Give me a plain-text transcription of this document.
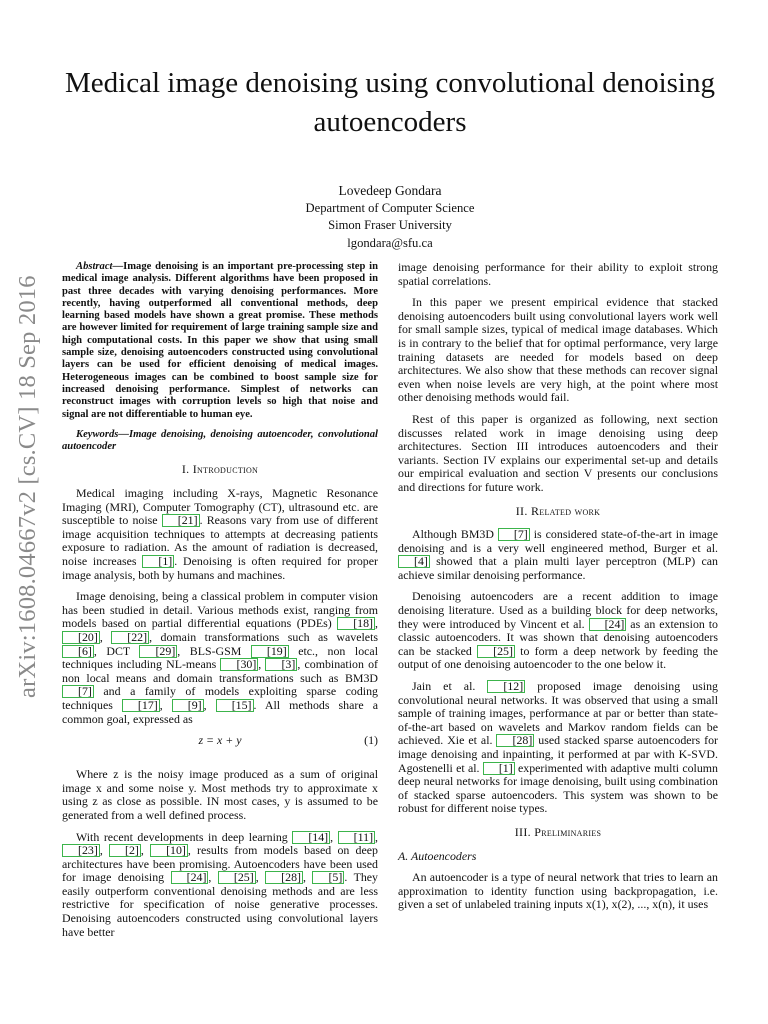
arXiv:1608.04667v2 [cs.CV] 18 Sep 2016
Medical image denoising using convolutional denoising autoencoders
Lovedeep Gondara
Department of Computer Science
Simon Fraser University
lgondara@sfu.ca

Abstract—Image denoising is an important pre-processing step in medical image analysis. Different algorithms have been proposed in past three decades with varying denoising performances. More recently, having outperformed all conventional methods, deep learning based models have shown a great promise. These methods are however limited for requirement of large training sample size and high computational costs. In this paper we show that using small sample size, denoising autoencoders constructed using convolutional layers can be used for efficient denoising of medical images. Heterogeneous images can be combined to boost sample size for increased denoising performance. Simplest of networks can reconstruct images with corruption levels so high that noise and signal are not differentiable to human eye.

Keywords—Image denoising, denoising autoencoder, convolutional autoencoder

I. Introduction

Medical imaging including X-rays, Magnetic Resonance Imaging (MRI), Computer Tomography (CT), ultrasound etc. are susceptible to noise [21] . Reasons vary from use of different image acquisition techniques to attempts at decreasing patients exposure to radiation. As the amount of radiation is decreased, noise increases [1] . Denoising is often required for proper image analysis, both by humans and machines.

Image denoising, being a classical problem in computer vision has been studied in detail. Various methods exist, ranging from models based on partial differential equations (PDEs) [18] , [20] , [22] , domain transformations such as wavelets [6] , DCT [29] , BLS-GSM [19] etc., non local techniques including NL-means [30] , [3] , combination of non local means and domain transformations such as BM3D [7] and a family of models exploiting sparse coding techniques [17] , [9] , [15] . All methods share a common goal, expressed as

z = x + y	(1)

Where z is the noisy image produced as a sum of original image x and some noise y. Most methods try to approximate x using z as close as possible. IN most cases, y is assumed to be generated from a well defined process.

With recent developments in deep learning [14] , [11] , [23] , [2] , [10] , results from models based on deep architectures have been promising. Autoencoders have been used for image denoising [24] , [25] , [28] , [5] . They easily outperform conventional denoising methods and are less restrictive for specification of noise generative processes. Denoising autoencoders constructed using convolutional layers have better

image denoising performance for their ability to exploit strong spatial correlations.

In this paper we present empirical evidence that stacked denoising autoencoders built using convolutional layers work well for small sample sizes, typical of medical image databases. Which is in contrary to the belief that for optimal performance, very large training datasets are needed for models based on deep architectures. We also show that these methods can recover signal even when noise levels are very high, at the point where most other denoising methods would fail.

Rest of this paper is organized as following, next section discusses related work in image denoising using deep architectures. Section III introduces autoencoders and their variants. Section IV explains our experimental set-up and details our empirical evaluation and section V presents our conclusions and directions for future work.

II. Related work

Although BM3D [7] is considered state-of-the-art in image denoising and is a very well engineered method, Burger et al. [4] showed that a plain multi layer perceptron (MLP) can achieve similar denoising performance.

Denoising autoencoders are a recent addition to image denoising literature. Used as a building block for deep networks, they were introduced by Vincent et al. [24] as an extension to classic autoencoders. It was shown that denoising autoencoders can be stacked [25] to form a deep network by feeding the output of one denoising autoencoder to the one below it.

Jain et al. [12] proposed image denoising using convolutional neural networks. It was observed that using a small sample of training images, performance at par or better than state-of-the-art based on wavelets and Markov random fields can be achieved. Xie et al. [28] used stacked sparse autoencoders for image denoising and inpainting, it performed at par with K-SVD. Agostenelli et al. [1] experimented with adaptive multi column deep neural networks for image denoising, built using combination of stacked sparse autoencoders. This system was shown to be robust for different noise types.

III. Preliminaries
A. Autoencoders

An autoencoder is a type of neural network that tries to learn an approximation to identity function using backpropagation, i.e. given a set of unlabeled training inputs x(1), x(2), ..., x(n), it uses
